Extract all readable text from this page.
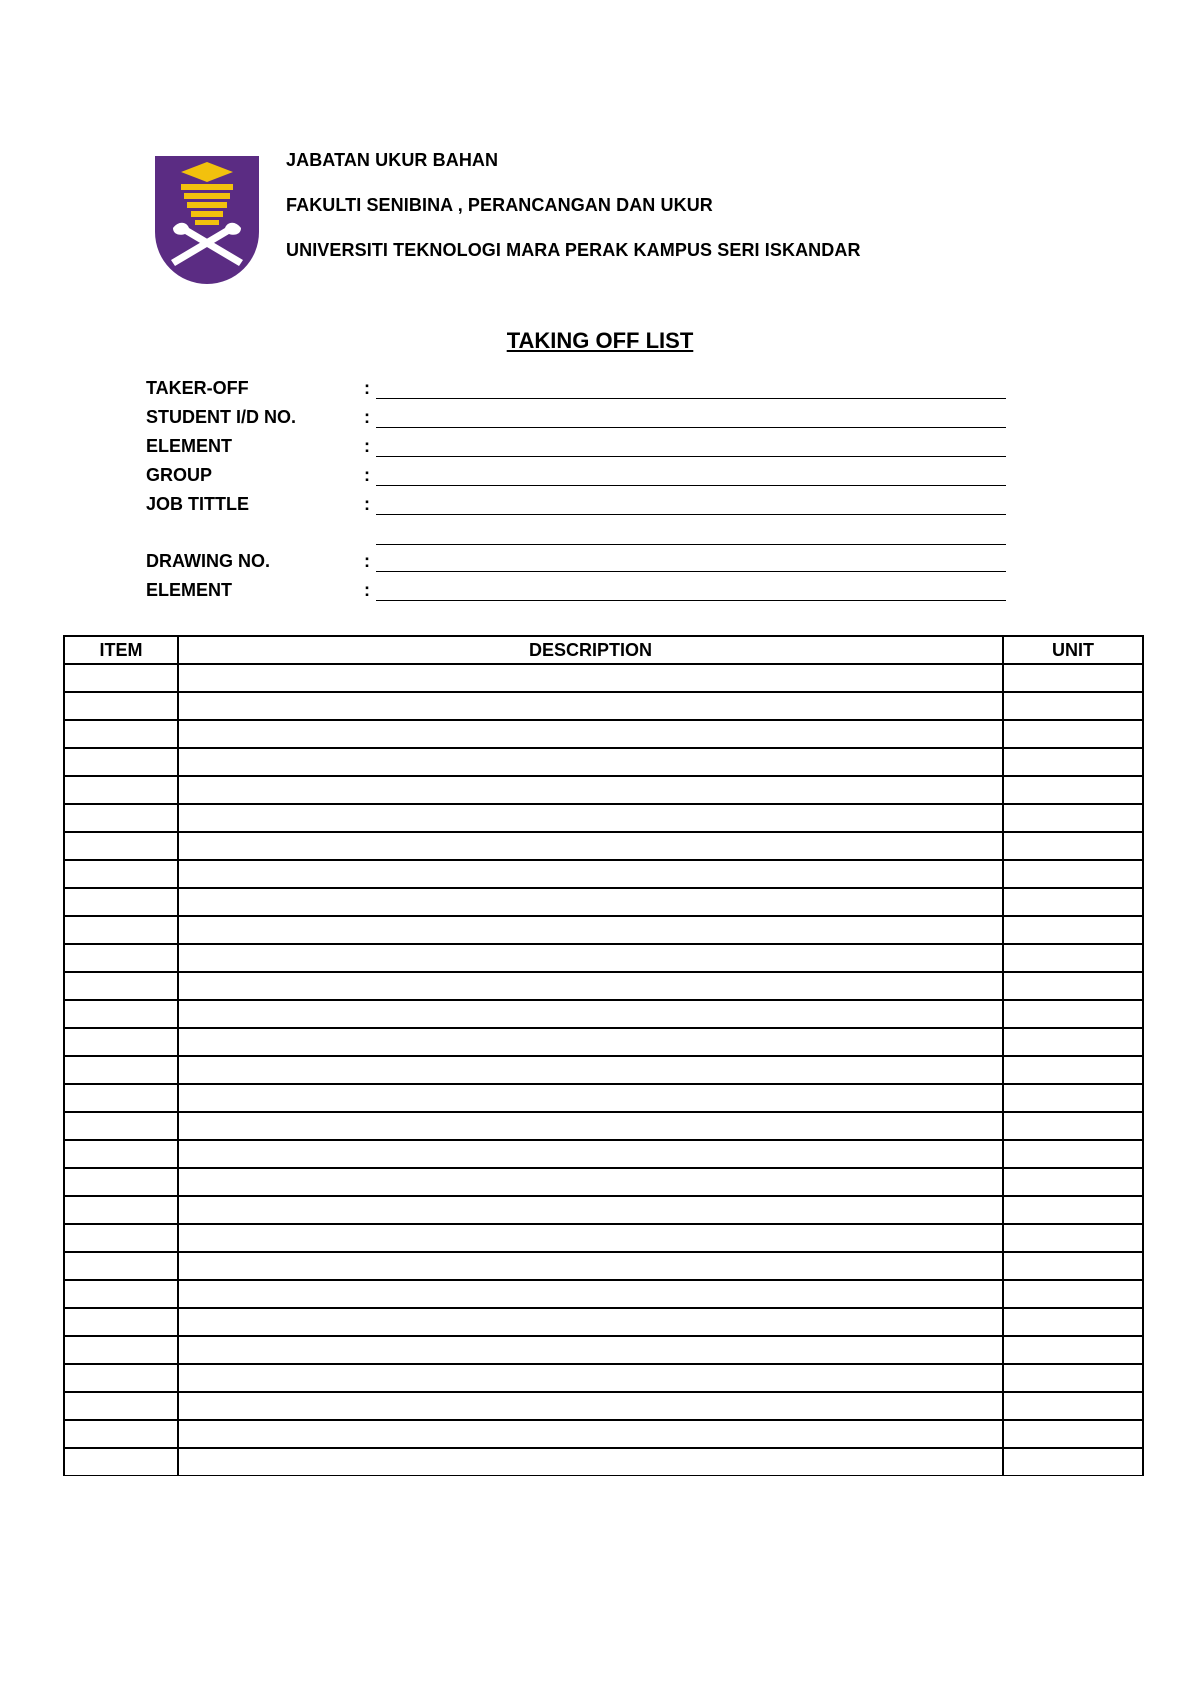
JABATAN UKUR BAHAN
FAKULTI SENIBINA , PERANCANGAN DAN UKUR
UNIVERSITI TEKNOLOGI MARA PERAK KAMPUS SERI ISKANDAR
TAKING OFF LIST
TAKER-OFF	:
STUDENT I/D NO.	:
ELEMENT	:
GROUP	:
JOB TITTLE	:
DRAWING NO.	:
ELEMENT	:
ITEM	DESCRIPTION	UNIT
